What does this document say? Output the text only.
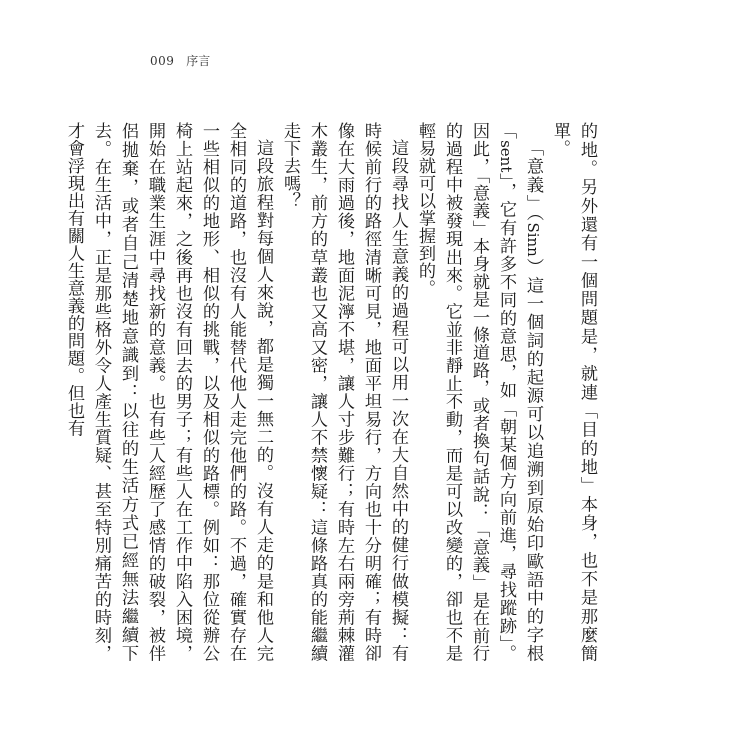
009 序言

的地。另外還有一個問題是，就連「目的地」本身，也不是那麼簡單。

「意義」（Sinn）這一個詞的起源可以追溯到原始印歐語中的字根「sent」，它有許多不同的意思，如「朝某個方向前進，尋找蹤跡」。因此，「意義」本身就是一條道路，或者換句話說：「意義」是在前行的過程中被發現出來。它並非靜止不動，而是可以改變的，卻也不是輕易就可以掌握到的。

這段尋找人生意義的過程可以用一次在大自然中的健行做模擬：有時候前行的路徑清晰可見，地面平坦易行，方向也十分明確；有時卻像在大雨過後，地面泥濘不堪，讓人寸步難行；有時左右兩旁荊棘灌木叢生，前方的草叢也又高又密，讓人不禁懷疑：這條路真的能繼續走下去嗎？

這段旅程對每個人來說，都是獨一無二的。沒有人走的是和他人完全相同的道路，也沒有人能替代他人走完他們的路。不過，確實存在一些相似的地形、相似的挑戰，以及相似的路標。例如：那位從辦公椅上站起來，之後再也沒有回去的男子；有些人在工作中陷入困境，開始在職業生涯中尋找新的意義。也有些人經歷了感情的破裂，被伴侶拋棄，或者自己清楚地意識到：以往的生活方式已經無法繼續下去。在生活中，正是那些格外令人產生質疑、甚至特別痛苦的時刻，才會浮現出有關人生意義的問題。但也有
